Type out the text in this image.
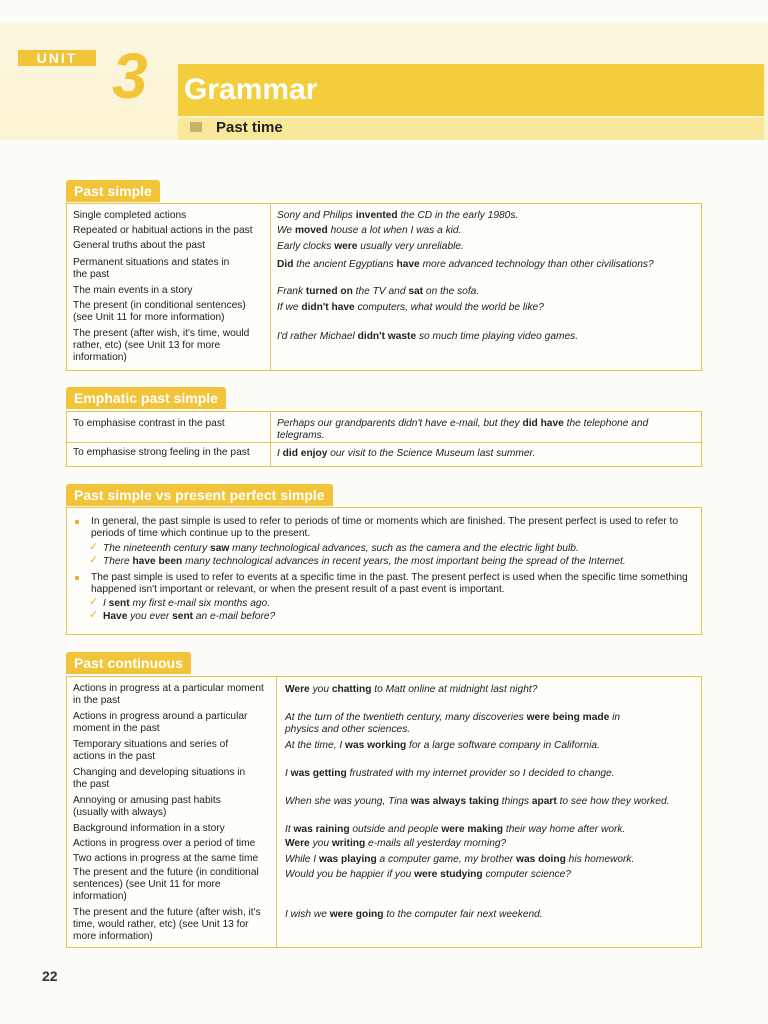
UNIT 3 Grammar
Past time
Past simple
Single completed actions
Repeated or habitual actions in the past
General truths about the past
Permanent situations and states in the past
The main events in a story
The present (in conditional sentences) (see Unit 11 for more information)
The present (after wish, it's time, would rather, etc) (see Unit 13 for more information)
Sony and Philips invented the CD in the early 1980s.
We moved house a lot when I was a kid.
Early clocks were usually very unreliable.
Did the ancient Egyptians have more advanced technology than other civilisations?
Frank turned on the TV and sat on the sofa.
If we didn't have computers, what would the world be like?
I'd rather Michael didn't waste so much time playing video games.
Emphatic past simple
To emphasise contrast in the past
To emphasise strong feeling in the past
Perhaps our grandparents didn't have e-mail, but they did have the telephone and telegrams.
I did enjoy our visit to the Science Museum last summer.
Past simple vs present perfect simple
In general, the past simple is used to refer to periods of time or moments which are finished. The present perfect is used to refer to periods of time which continue up to the present.
✓ The nineteenth century saw many technological advances, such as the camera and the electric light bulb.
✓ There have been many technological advances in recent years, the most important being the spread of the Internet.
The past simple is used to refer to events at a specific time in the past. The present perfect is used when the specific time something happened isn't important or relevant, or when the present result of a past event is important.
✓ I sent my first e-mail six months ago.
✓ Have you ever sent an e-mail before?
Past continuous
Actions in progress at a particular moment in the past
Actions in progress around a particular moment in the past
Temporary situations and series of actions in the past
Changing and developing situations in the past
Annoying or amusing past habits (usually with always)
Background information in a story
Actions in progress over a period of time
Two actions in progress at the same time
The present and the future (in conditional sentences) (see Unit 11 for more information)
The present and the future (after wish, it's time, would rather, etc) (see Unit 13 for more information)
Were you chatting to Matt online at midnight last night?
At the turn of the twentieth century, many discoveries were being made in physics and other sciences.
At the time, I was working for a large software company in California.
I was getting frustrated with my internet provider so I decided to change.
When she was young, Tina was always taking things apart to see how they worked.
It was raining outside and people were making their way home after work.
Were you writing e-mails all yesterday morning?
While I was playing a computer game, my brother was doing his homework.
Would you be happier if you were studying computer science?
I wish we were going to the computer fair next weekend.
22
